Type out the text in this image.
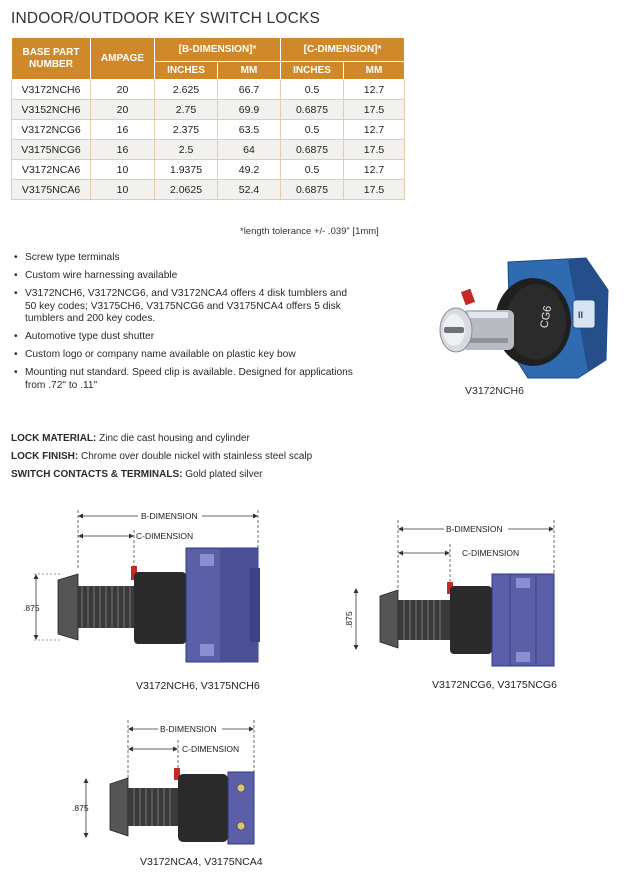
INDOOR/OUTDOOR KEY SWITCH LOCKS
BASE PART NUMBER	AMPAGE	[B-DIMENSION]*		[C-DIMENSION]*	
		INCHES	MM	INCHES	MM
V3172NCH6	20	2.625	66.7	0.5	12.7
V3152NCH6	20	2.75	69.9	0.6875	17.5
V3172NCG6	16	2.375	63.5	0.5	12.7
V3175NCG6	16	2.5	64	0.6875	17.5
V3172NCA6	10	1.9375	49.2	0.5	12.7
V3175NCA6	10	2.0625	52.4	0.6875	17.5
*length tolerance +/- .039" [1mm]
• Screw type terminals
• Custom wire harnessing available
• V3172NCH6, V3172NCG6, and V3172NCA4 offers 4 disk tumblers and 50 key codes; V3175CH6, V3175NCG6 and V3175NCA4 offers 5 disk tumblers and 200 key codes.
• Automotive type dust shutter
• Custom logo or company name available on plastic key bow
• Mounting nut standard. Speed clip is available. Designed for applications from .72" to .11"
II
CG6
V3172NCH6
LOCK MATERIAL: Zinc die cast housing and cylinder
LOCK FINISH: Chrome over double nickel with stainless steel scalp
SWITCH CONTACTS & TERMINALS: Gold plated silver
B-DIMENSION
C-DIMENSION
.875
V3172NCH6, V3175NCH6
B-DIMENSION
C-DIMENSION
.875
V3172NCG6, V3175NCG6
B-DIMENSION
C-DIMENSION
.875
V3172NCA4, V3175NCA4
